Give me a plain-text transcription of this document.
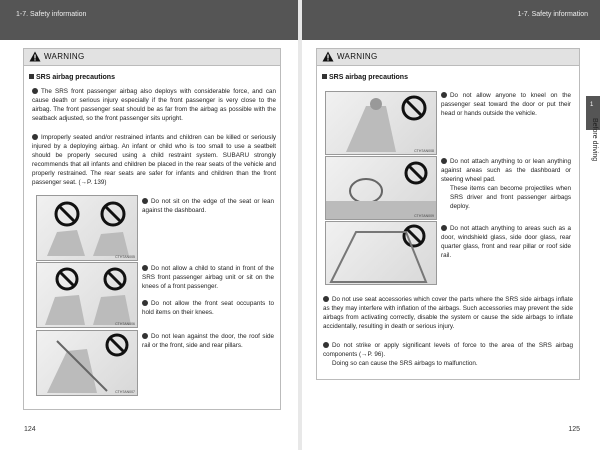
1-7. Safety information
WARNING
SRS airbag precautions
The SRS front passenger airbag also deploys with considerable force, and can cause death or serious injury especially if the front passenger is very close to the airbag. The front passenger seat should be as far from the airbag as possible with the seatback adjusted, so the front passenger sits upright.
Improperly seated and/or restrained infants and children can be killed or seriously injured by a deploying airbag. An infant or child who is too small to use a seatbelt should be properly secured using a child restraint system. SUBARU strongly recommends that all infants and children be placed in the rear seats of the vehicle and properly restrained. The rear seats are safer for infants and children than the front passenger seat. (→P. 139)
CTH7AN005
CTH7AN006
CTH7AN007
Do not sit on the edge of the seat or lean against the dashboard.
Do not allow a child to stand in front of the SRS front passenger airbag unit or sit on the knees of a front passenger.
Do not allow the front seat occupants to hold items on their knees.
Do not lean against the door, the roof side rail or the front, side and rear pillars.
124
1-7. Safety information
1
Before driving
WARNING
SRS airbag precautions
CTH7AN008
CTH7AN009
Do not allow anyone to kneel on the passenger seat toward the door or put their head or hands outside the vehicle.
Do not attach anything to or lean anything against areas such as the dashboard or steering wheel pad.
These items can become projectiles when SRS driver and front passenger airbags deploy.
Do not attach anything to areas such as a door, windshield glass, side door glass, rear quarter glass, front and rear pillar or roof side rail.
Do not use seat accessories which cover the parts where the SRS side airbags inflate as they may interfere with inflation of the airbags. Such accessories may prevent the side airbags from activating correctly, disable the system or cause the side airbags to inflate accidentally, resulting in death or serious injury.
Do not strike or apply significant levels of force to the area of the SRS airbag components (→P. 96).
Doing so can cause the SRS airbags to malfunction.
125
